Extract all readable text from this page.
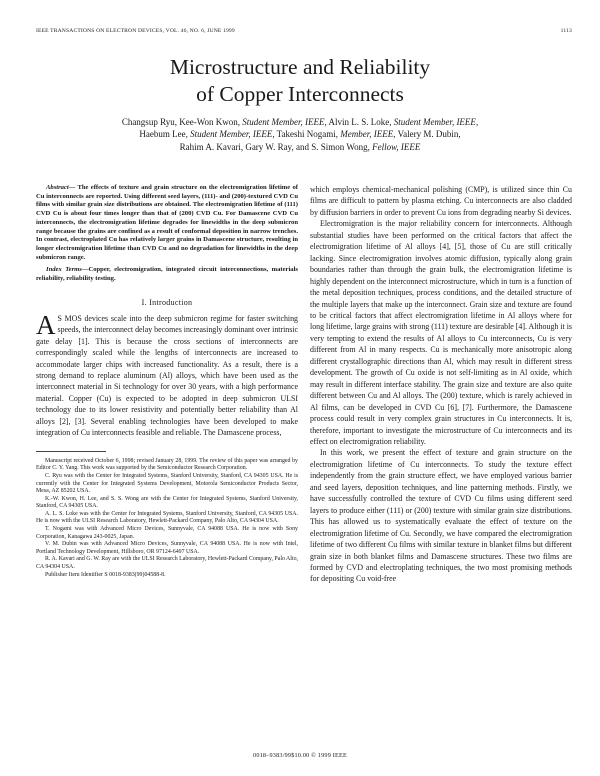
IEEE TRANSACTIONS ON ELECTRON DEVICES, VOL. 46, NO. 6, JUNE 1999	1113
Microstructure and Reliability
of Copper Interconnects
Changsup Ryu, Kee-Won Kwon, Student Member, IEEE, Alvin L. S. Loke, Student Member, IEEE,
Haebum Lee, Student Member, IEEE, Takeshi Nogami, Member, IEEE, Valery M. Dubin,
Rahim A. Kavari, Gary W. Ray, and S. Simon Wong, Fellow, IEEE

Abstract— The effects of texture and grain structure on the electromigration lifetime of Cu interconnects are reported. Using different seed layers, (111)- and (200)-textured CVD Cu films with similar grain size distributions are obtained. The electromigration lifetime of (111) CVD Cu is about four times longer than that of (200) CVD Cu. For Damascene CVD Cu interconnects, the electromigration lifetime degrades for linewidths in the deep submicron range because the grains are confined as a result of conformal deposition in narrow trenches. In contrast, electroplated Cu has relatively larger grains in Damascene structure, resulting in longer electromigration lifetime than CVD Cu and no degradation for linewidths in the deep submicron range.

Index Terms—Copper, electromigration, integrated circuit interconnections, materials reliability, reliability testing.

I. Introduction

A S MOS devices scale into the deep submicron regime for faster switching speeds, the interconnect delay becomes increasingly dominant over intrinsic gate delay [1]. This is because the cross sections of interconnects are correspondingly scaled while the lengths of interconnects are increased to accommodate larger chips with increased functionality. As a result, there is a strong demand to replace aluminum (Al) alloys, which have been used as the interconnect material in Si technology for over 30 years, with a high performance material. Copper (Cu) is expected to be adopted in deep submicron ULSI technology due to its lower resistivity and potentially better reliability than Al alloys [2], [3]. Several enabling technologies have been developed to make integration of Cu interconnects feasible and reliable. The Damascene process,

Manuscript received October 6, 1998; revised January 28, 1999. The review of this paper was arranged by Editor C. Y. Yang. This work was supported by the Semiconductor Research Corporation.

C. Ryu was with the Center for Integrated Systems, Stanford University, Stanford, CA 94305 USA. He is currently with the Center for Integrated Systems Development, Motorola Semiconductor Products Sector, Mesa, AZ 85202 USA.

K.-W. Kwon, H. Lee, and S. S. Wong are with the Center for Integrated Systems, Stanford University, Stanford, CA 94305 USA.

A. L. S. Loke was with the Center for Integrated Systems, Stanford University, Stanford, CA 94305 USA. He is now with the ULSI Research Laboratory, Hewlett-Packard Company, Palo Alto, CA 94304 USA.

T. Nogami was with Advanced Micro Devices, Sunnyvale, CA 94088 USA. He is now with Sony Corporation, Kanagawa 243-0025, Japan.

V. M. Dubin was with Advanced Micro Devices, Sunnyvale, CA 94088 USA. He is now with Intel, Portland Technology Development, Hillsboro, OR 97124-6497 USA.

R. A. Kavari and G. W. Ray are with the ULSI Research Laboratory, Hewlett-Packard Company, Palo Alto, CA 94304 USA.

Publisher Item Identifier S 0018-9383(99)04588-8.

which employs chemical-mechanical polishing (CMP), is utilized since thin Cu films are difficult to pattern by plasma etching. Cu interconnects are also cladded by diffusion barriers in order to prevent Cu ions from degrading nearby Si devices.

Electromigration is the major reliability concern for interconnects. Although substantial studies have been performed on the critical factors that affect the electromigration lifetime of Al alloys [4], [5], those of Cu are still critically lacking. Since electromigration involves atomic diffusion, typically along grain boundaries rather than through the grain bulk, the electromigration lifetime is highly dependent on the interconnect microstructure, which in turn is a function of the metal deposition techniques, process conditions, and the detailed structure of the multiple layers that make up the interconnect. Grain size and texture are found to be critical factors that affect electromigration lifetime in Al alloys where for long lifetime, large grains with strong (111) texture are desirable [4]. Although it is very tempting to extend the results of Al alloys to Cu interconnects, Cu is very different from Al in many respects. Cu is mechanically more anisotropic along different crystallographic directions than Al, which may result in different stress development. The growth of Cu oxide is not self-limiting as in Al oxide, which may result in different interface stability. The grain size and texture are also quite different between Cu and Al alloys. The (200) texture, which is rarely achieved in Al films, can be developed in CVD Cu [6], [7]. Furthermore, the Damascene process could result in very complex grain structures in Cu interconnects. It is, therefore, important to investigate the microstructure of Cu interconnects and its effect on electromigration reliability.

In this work, we present the effect of texture and grain structure on the electromigration lifetime of Cu interconnects. To study the texture effect independently from the grain structure effect, we have employed various barrier and seed layers, deposition techniques, and line patterning methods. Firstly, we have successfully controlled the texture of CVD Cu films using different seed layers to produce either (111) or (200) texture with similar grain size distributions. This has allowed us to systematically evaluate the effect of texture on the electromigration lifetime of Cu. Secondly, we have compared the electromigration lifetime of two different Cu films with similar texture in blanket films but different grain size in both blanket films and Damascene structures. These two films are formed by CVD and electroplating techniques, the two most promising methods for depositing Cu void-free

0018–9383/99$10.00 © 1999 IEEE
